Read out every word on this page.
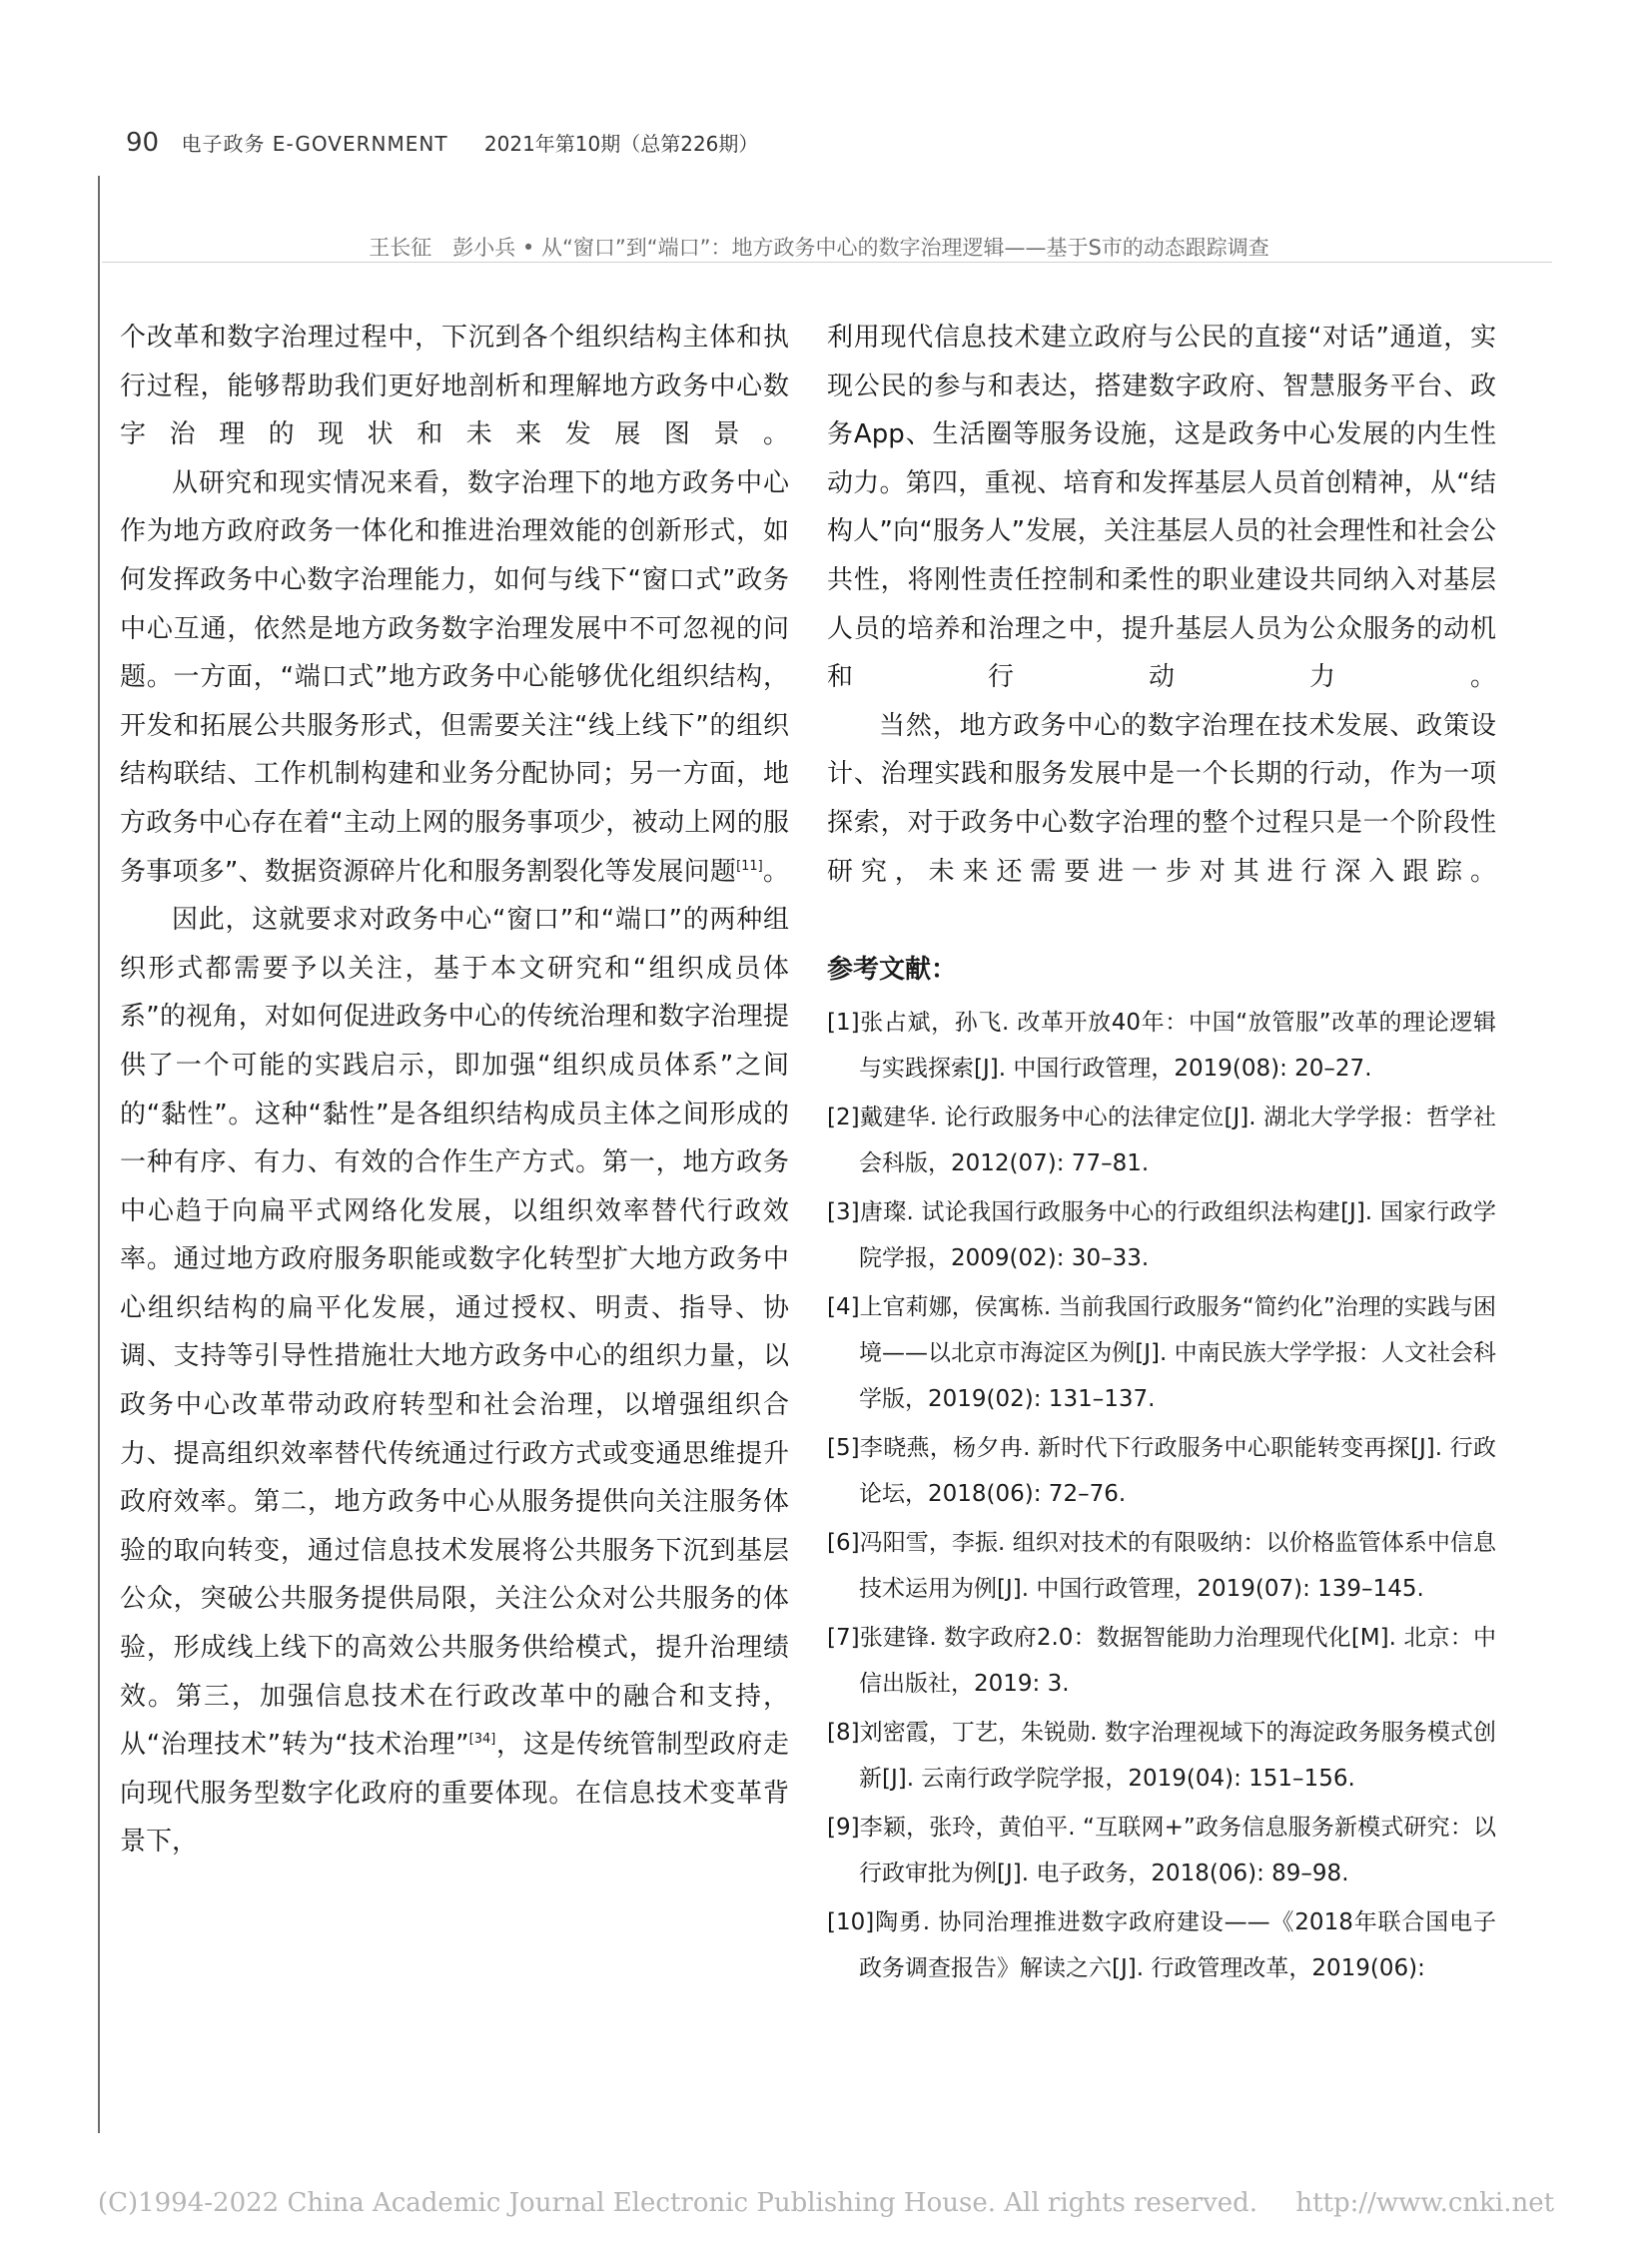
90 电子政务 E-GOVERNMENT 2021年第10期（总第226期）
王长征　彭小兵 • 从“窗口”到“端口”：地方政务中心的数字治理逻辑——基于S市的动态跟踪调查

个改革和数字治理过程中，下沉到各个组织结构主体和执行过程，能够帮助我们更好地剖析和理解地方政务中心数字治理的现状和未来发展图景。

从研究和现实情况来看，数字治理下的地方政务中心作为地方政府政务一体化和推进治理效能的创新形式，如何发挥政务中心数字治理能力，如何与线下“窗口式”政务中心互通，依然是地方政务数字治理发展中不可忽视的问题。一方面，“端口式”地方政务中心能够优化组织结构，开发和拓展公共服务形式，但需要关注“线上线下”的组织结构联结、工作机制构建和业务分配协同；另一方面，地方政务中心存在着“主动上网的服务事项少，被动上网的服务事项多”、数据资源碎片化和服务割裂化等发展问题[11]。

因此，这就要求对政务中心“窗口”和“端口”的两种组织形式都需要予以关注，基于本文研究和“组织成员体系”的视角，对如何促进政务中心的传统治理和数字治理提供了一个可能的实践启示，即加强“组织成员体系”之间的“黏性”。这种“黏性”是各组织结构成员主体之间形成的一种有序、有力、有效的合作生产方式。第一，地方政务中心趋于向扁平式网络化发展，以组织效率替代行政效率。通过地方政府服务职能或数字化转型扩大地方政务中心组织结构的扁平化发展，通过授权、明责、指导、协调、支持等引导性措施壮大地方政务中心的组织力量，以政务中心改革带动政府转型和社会治理，以增强组织合力、提高组织效率替代传统通过行政方式或变通思维提升政府效率。第二，地方政务中心从服务提供向关注服务体验的取向转变，通过信息技术发展将公共服务下沉到基层公众，突破公共服务提供局限，关注公众对公共服务的体验，形成线上线下的高效公共服务供给模式，提升治理绩效。第三，加强信息技术在行政改革中的融合和支持，从“治理技术”转为“技术治理”[34]，这是传统管制型政府走向现代服务型数字化政府的重要体现。在信息技术变革背景下，

利用现代信息技术建立政府与公民的直接“对话”通道，实现公民的参与和表达，搭建数字政府、智慧服务平台、政务App、生活圈等服务设施，这是政务中心发展的内生性动力。第四，重视、培育和发挥基层人员首创精神，从“结构人”向“服务人”发展，关注基层人员的社会理性和社会公共性，将刚性责任控制和柔性的职业建设共同纳入对基层人员的培养和治理之中，提升基层人员为公众服务的动机和行动力。

当然，地方政务中心的数字治理在技术发展、政策设计、治理实践和服务发展中是一个长期的行动，作为一项探索，对于政务中心数字治理的整个过程只是一个阶段性研究，未来还需要进一步对其进行深入跟踪。

参考文献：

[1]张占斌，孙飞. 改革开放40年：中国“放管服”改革的理论逻辑与实践探索[J]. 中国行政管理，2019(08): 20–27.

[2]戴建华. 论行政服务中心的法律定位[J]. 湖北大学学报：哲学社会科版，2012(07): 77–81.

[3]唐璨. 试论我国行政服务中心的行政组织法构建[J]. 国家行政学院学报，2009(02): 30–33.

[4]上官莉娜，侯寓栋. 当前我国行政服务“简约化”治理的实践与困境——以北京市海淀区为例[J]. 中南民族大学学报：人文社会科学版，2019(02): 131–137.

[5]李晓燕，杨夕冉. 新时代下行政服务中心职能转变再探[J]. 行政论坛，2018(06): 72–76.

[6]冯阳雪，李振. 组织对技术的有限吸纳：以价格监管体系中信息技术运用为例[J]. 中国行政管理，2019(07): 139–145.

[7]张建锋. 数字政府2.0：数据智能助力治理现代化[M]. 北京：中信出版社，2019: 3.

[8]刘密霞，丁艺，朱锐勋. 数字治理视域下的海淀政务服务模式创新[J]. 云南行政学院学报，2019(04): 151–156.

[9]李颖，张玲，黄伯平. “互联网+”政务信息服务新模式研究：以行政审批为例[J]. 电子政务，2018(06): 89–98.

[10]陶勇. 协同治理推进数字政府建设——《2018年联合国电子政务调查报告》解读之六[J]. 行政管理改革，2019(06):

(C)1994-2022 China Academic Journal Electronic Publishing House. All rights reserved. http://www.cnki.net
